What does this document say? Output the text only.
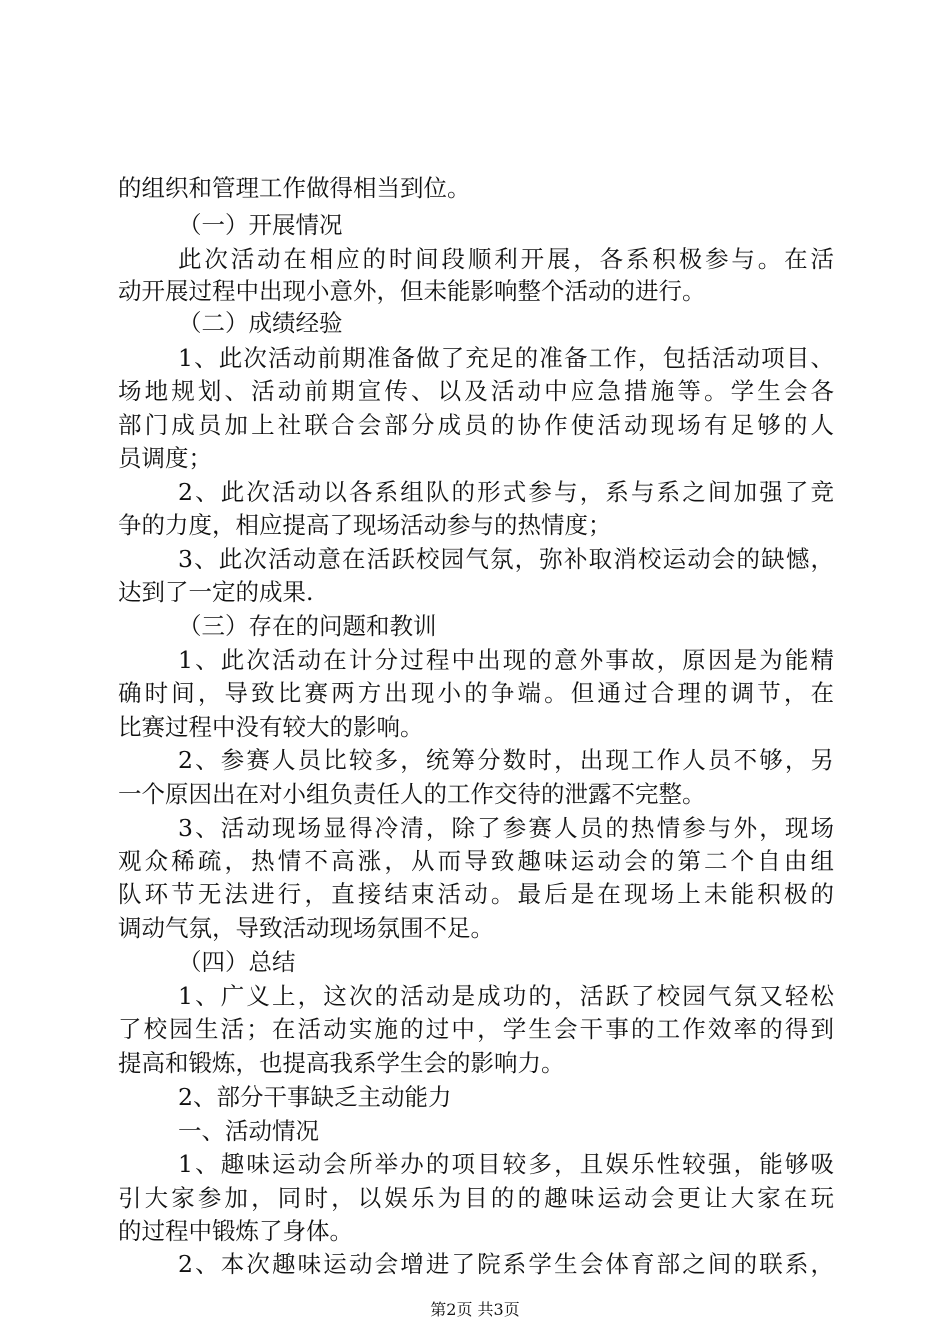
的组织和管理工作做得相当到位。
（一）开展情况
此次活动在相应的时间段顺利开展，各系积极参与。在活
动开展过程中出现小意外，但未能影响整个活动的进行。
（二）成绩经验
1、此次活动前期准备做了充足的准备工作，包括活动项目、
场地规划、活动前期宣传、以及活动中应急措施等。学生会各
部门成员加上社联合会部分成员的协作使活动现场有足够的人
员调度；
2、此次活动以各系组队的形式参与，系与系之间加强了竞
争的力度，相应提高了现场活动参与的热情度；
3、此次活动意在活跃校园气氛，弥补取消校运动会的缺憾，
达到了一定的成果.
（三）存在的问题和教训
1、此次活动在计分过程中出现的意外事故，原因是为能精
确时间，导致比赛两方出现小的争端。但通过合理的调节，在
比赛过程中没有较大的影响。
2、参赛人员比较多，统筹分数时，出现工作人员不够，另
一个原因出在对小组负责任人的工作交待的泄露不完整。
3、活动现场显得冷清，除了参赛人员的热情参与外，现场
观众稀疏，热情不高涨，从而导致趣味运动会的第二个自由组
队环节无法进行，直接结束活动。最后是在现场上未能积极的
调动气氛，导致活动现场氛围不足。
（四）总结
1、广义上，这次的活动是成功的，活跃了校园气氛又轻松
了校园生活；在活动实施的过中，学生会干事的工作效率的得到
提高和锻炼，也提高我系学生会的影响力。
2、部分干事缺乏主动能力
一、活动情况
1、趣味运动会所举办的项目较多，且娱乐性较强，能够吸
引大家参加，同时，以娱乐为目的的趣味运动会更让大家在玩
的过程中锻炼了身体。
2、本次趣味运动会增进了院系学生会体育部之间的联系，
第2页 共3页
